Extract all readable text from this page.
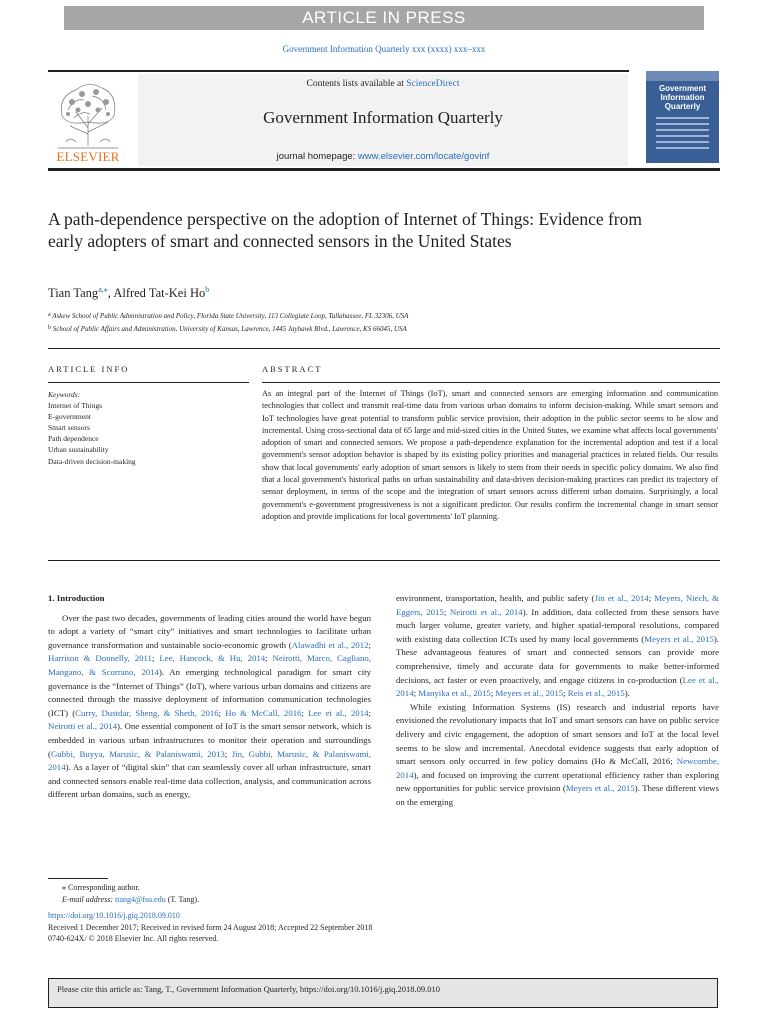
ARTICLE IN PRESS
Government Information Quarterly xxx (xxxx) xxx–xxx
ELSEVIER
Contents lists available at ScienceDirect
Government Information Quarterly
journal homepage: www.elsevier.com/locate/govinf
Government
Information
Quarterly
A path-dependence perspective on the adoption of Internet of Things: Evidence from early adopters of smart and connected sensors in the United States
Tian Tang$^{a,⁎}$, Alfred Tat-Kei Ho$^b$
a Askew School of Public Administration and Policy, Florida State University, 113 Collegiate Loop, Tallahassee, FL 32306, USA
b School of Public Affairs and Administration, University of Kansas, Lawrence, 1445 Jayhawk Blvd., Lawrence, KS 66045, USA
ARTICLE INFO	ABSTRACT
Keywords:
Internet of Things
E-government
Smart sensors
Path dependence
Urban sustainability
Data-driven decision-making
As an integral part of the Internet of Things (IoT), smart and connected sensors are emerging information and communication technologies that collect and transmit real-time data from various urban domains to inform decision-making. While smart sensors and IoT technologies have great potential to transform public service provision, their adoption in the public sector seems to be slow and incremental. Using cross-sectional data of 65 large and mid-sized cities in the United States, we examine what affects local governments' adoption of smart and connected sensors. We propose a path-dependence explanation for the incremental adoption and test if a local government's sensor adoption behavior is shaped by its existing policy priorities and managerial practices in related fields. Our results show that local governments' early adoption of smart sensors is likely to stem from their needs in specific policy domains. We also find that a local government's historical paths on urban sustainability and data-driven decision-making practices can predict its trajectory of sensor deployment, in terms of the scope and the integration of smart sensors across different urban domains. Surprisingly, a local government's e-government progressiveness is not a significant predictor. Our results confirm the incremental change in smart sensor adoption and provide implications for local governments' IoT planning.

1. Introduction

Over the past two decades, governments of leading cities around the world have begun to adopt a variety of “smart city” initiatives and smart technologies to facilitate urban governance transformation and sustainable socio-economic growth (Alawadhi et al., 2012; Harrison & Donnelly, 2011; Lee, Hancock, & Hu, 2014; Neirotti, Marco, Cagliano, Mangano, & Scorrano, 2014). An emerging technological paradigm for smart city governance is the “Internet of Things” (IoT), where various urban domains and citizens are connected through the massive deployment of information communication technologies (ICT) (Curry, Dustdar, Sheng, & Sheth, 2016; Ho & McCall, 2016; Lee et al., 2014; Neirotti et al., 2014). One essential component of IoT is the smart sensor network, which is embedded in various urban infrastructures to monitor their operation and surroundings (Gubbi, Buyya, Marusic, & Palaniswami, 2013; Jin, Gubbi, Marusic, & Palaniswami, 2014). As a layer of “digital skin” that can seamlessly cover all urban infrastructure, smart and connected sensors enable real-time data collection, analysis, and communication across different urban domains, such as energy,

environment, transportation, health, and public safety (Jin et al., 2014; Meyers, Niech, & Eggers, 2015; Neirotti et al., 2014). In addition, data collected from these sensors have much larger volume, greater variety, and higher spatial-temporal resolutions, compared with existing data collection ICTs used by many local governments (Meyers et al., 2015). These advantageous features of smart and connected sensors can provide more comprehensive, timely and accurate data for governments to make better-informed decisions, act faster or even proactively, and engage citizens in co-production (Lee et al., 2014; Manyika et al., 2015; Meyers et al., 2015; Reis et al., 2015).

While existing Information Systems (IS) research and industrial reports have envisioned the revolutionary impacts that IoT and smart sensors can have on public service delivery and civic engagement, the adoption of smart sensors and IoT at the local level seems to be slow and incremental. Anecdotal evidence suggests that early adoption of smart sensors only occurred in few policy domains (Ho & McCall, 2016; Newcombe, 2014), and focused on improving the current operational efficiency rather than exploring new opportunities for public service provision (Meyers et al., 2015). These different views on the emerging

⁎ Corresponding author.
E-mail address: ttang4@fsu.edu (T. Tang).
https://doi.org/10.1016/j.giq.2018.09.010
Received 1 December 2017; Received in revised form 24 August 2018; Accepted 22 September 2018
0740-624X/ © 2018 Elsevier Inc. All rights reserved.
Please cite this article as: Tang, T., Government Information Quarterly, https://doi.org/10.1016/j.giq.2018.09.010
